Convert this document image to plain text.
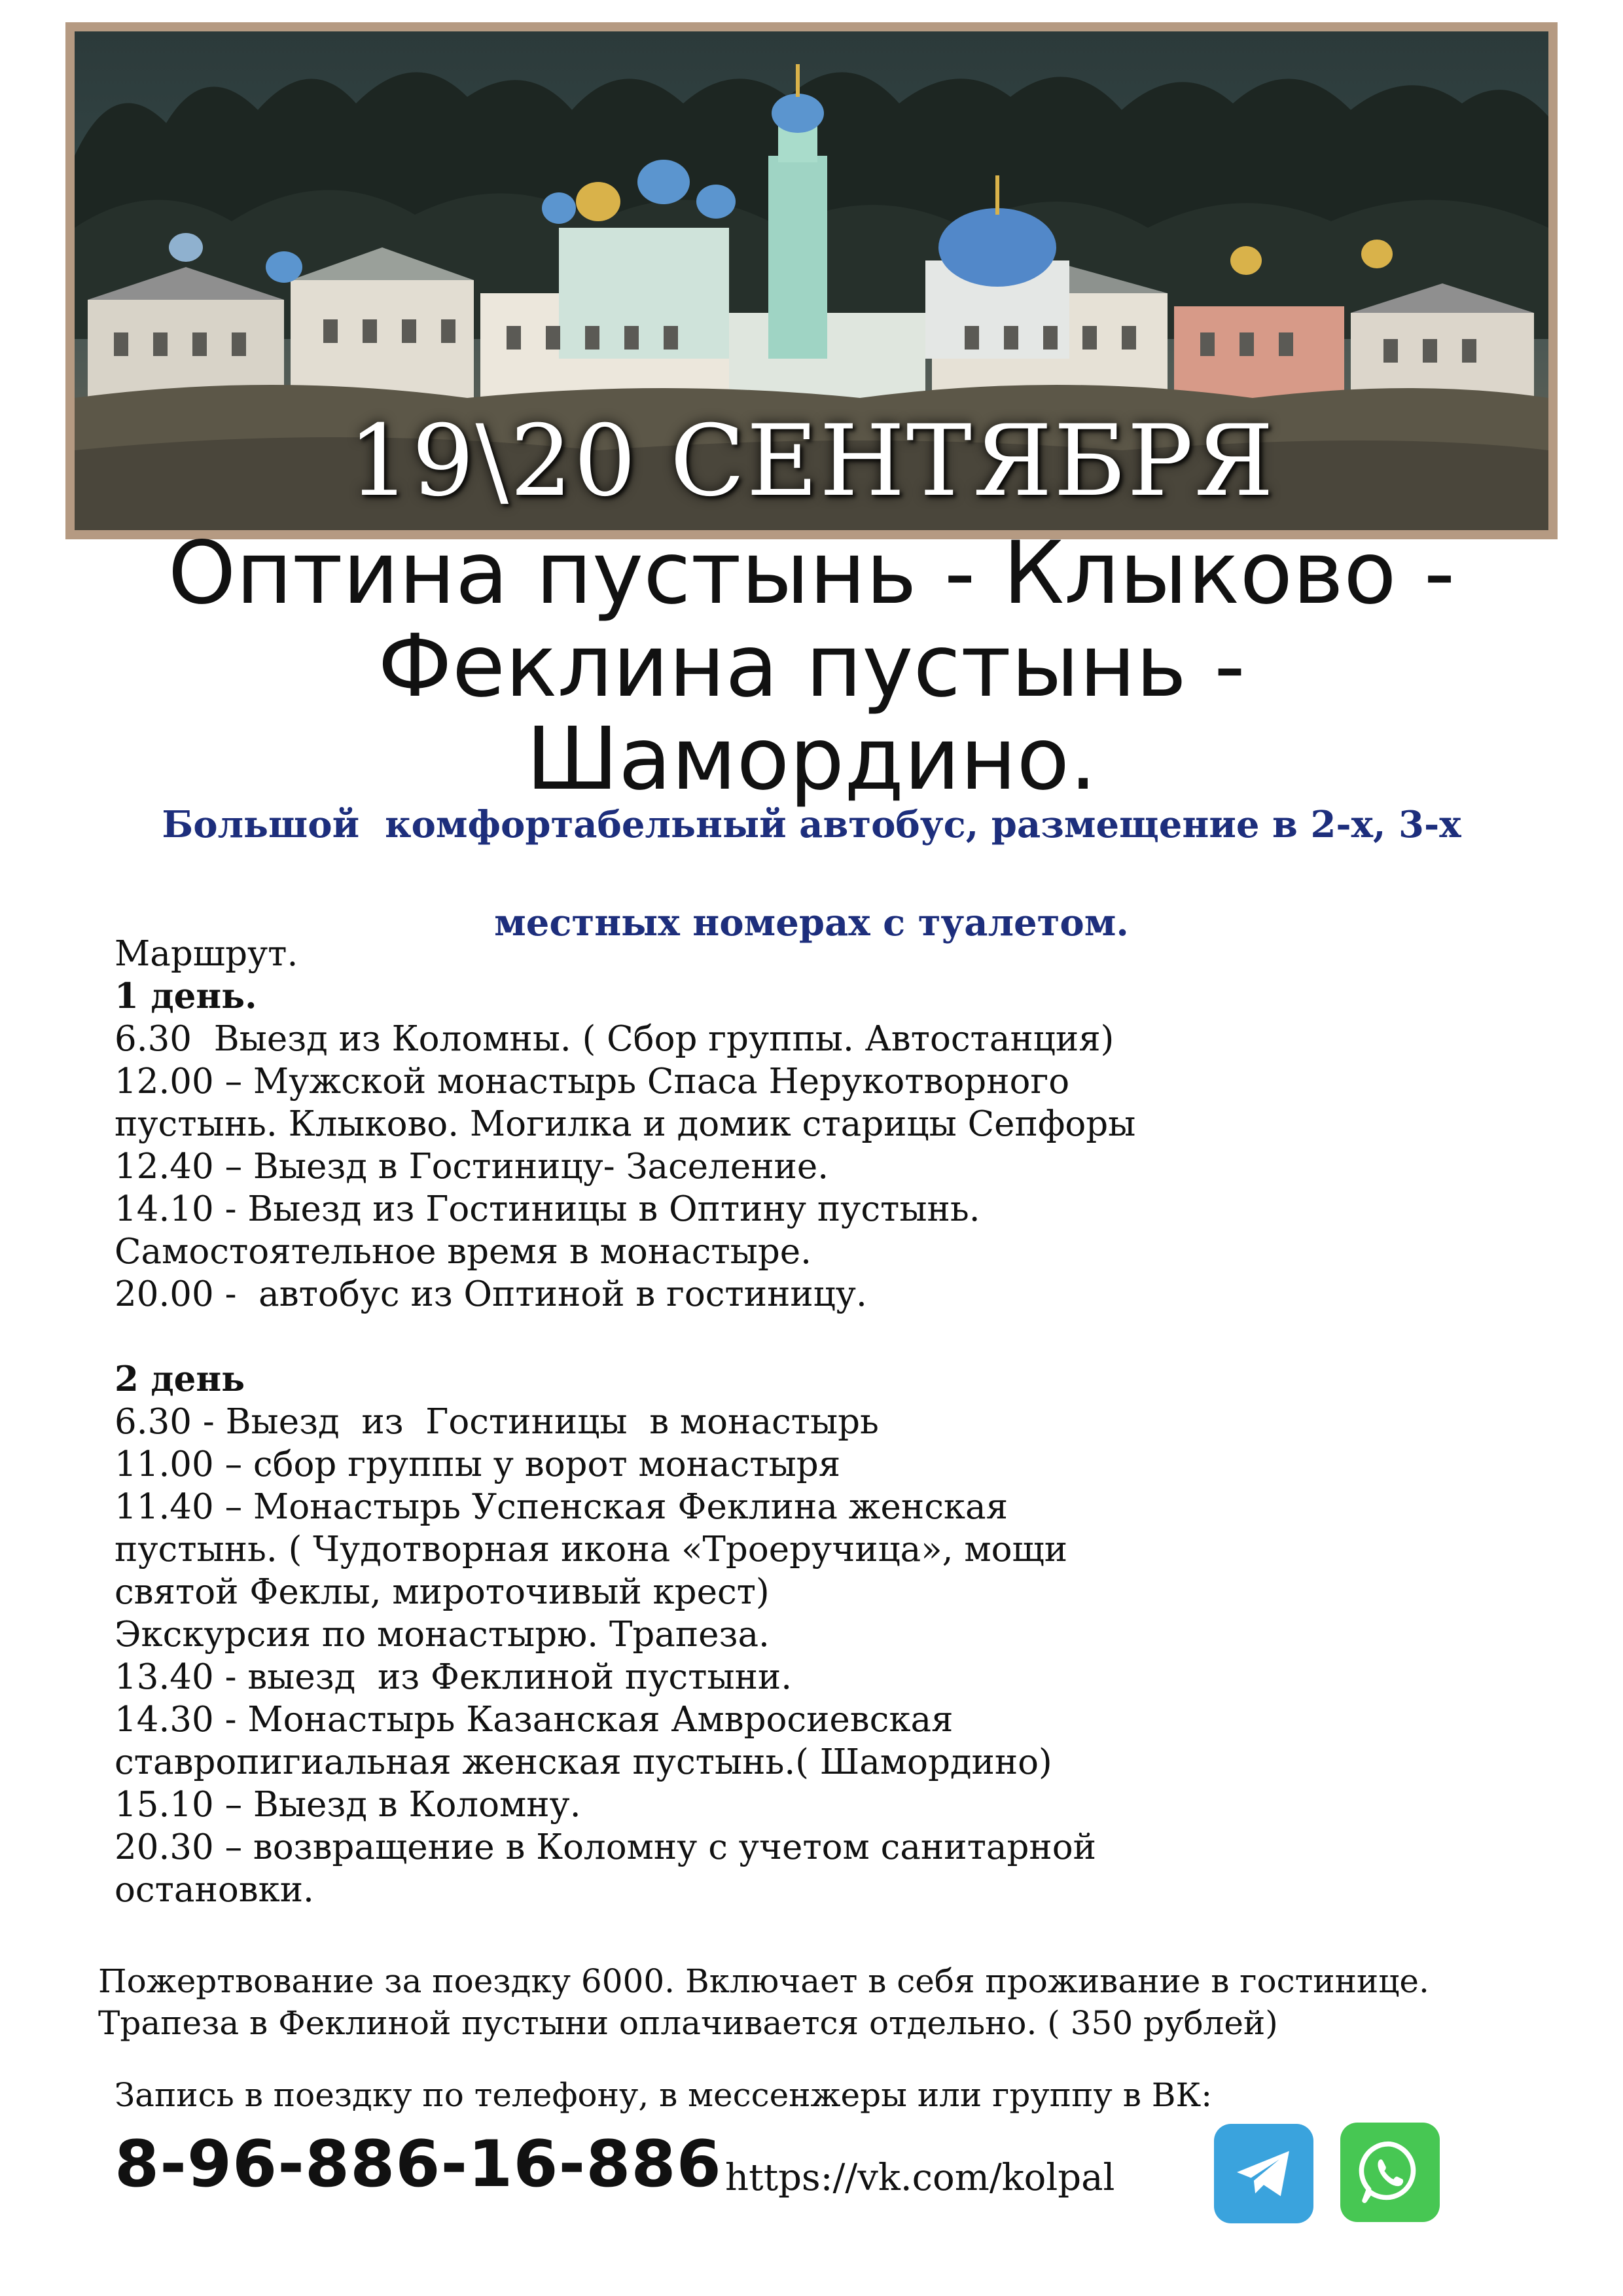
19\20 СЕНТЯБРЯ
Оптина пустынь - Клыково -
Феклина пустынь -
Шамордино.

Большой  комфортабельный автобус, размещение в 2-х, 3-х
местных номерах с туалетом.

Маршрут.
1 день.
6.30  Выезд из Коломны. ( Сбор группы. Автостанция)
12.00 – Мужской монастырь Спаса Нерукотворного
пустынь. Клыково. Могилка и домик старицы Сепфоры
12.40 – Выезд в Гостиницу- Заселение.
14.10 - Выезд из Гостиницы в Оптину пустынь.
Самостоятельное время в монастыре.
20.00 -  автобус из Оптиной в гостиницу.
2 день
6.30 - Выезд  из  Гостиницы  в монастырь
11.00 – сбор группы у ворот монастыря
11.40 – Монастырь Успенская Феклина женская
пустынь. ( Чудотворная икона «Троеручица», мощи
святой Феклы, мироточивый крест)
Экскурсия по монастырю. Трапеза.
13.40 - выезд  из Феклиной пустыни.
14.30 - Монастырь Казанская Амвросиевская
ставропигиальная женская пустынь.( Шамордино)
15.10 – Выезд в Коломну.
20.30 – возвращение в Коломну с учетом санитарной
остановки.
Пожертвование за поездку 6000. Включает в себя проживание в гостинице.
Трапеза в Феклиной пустыни оплачивается отдельно. ( 350 рублей)
Запись в поездку по телефону, в мессенжеры или группу в ВК:
8-96-886-16-886 https://vk.com/kolpal
